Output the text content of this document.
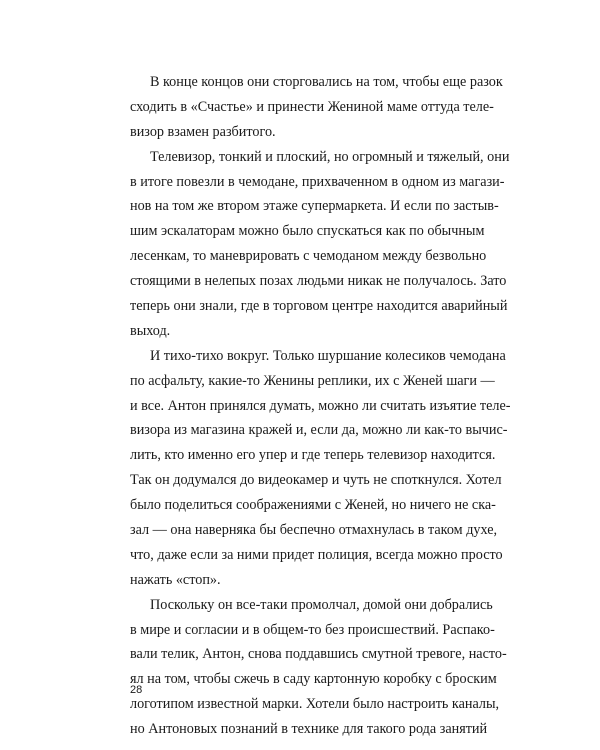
В конце концов они сторговались на том, чтобы еще разок
сходить в «Счастье» и принести Жениной маме оттуда теле-
визор взамен разбитого.
Телевизор, тонкий и плоский, но огромный и тяжелый, они
в итоге повезли в чемодане, прихваченном в одном из магази-
нов на том же втором этаже супермаркета. И если по застыв-
шим эскалаторам можно было спускаться как по обычным
лесенкам, то маневрировать с чемоданом между безвольно
стоящими в нелепых позах людьми никак не получалось. Зато
теперь они знали, где в торговом центре находится аварийный
выход.
И тихо-тихо вокруг. Только шуршание колесиков чемодана
по асфальту, какие-то Женины реплики, их с Женей шаги —
и все. Антон принялся думать, можно ли считать изъятие теле-
визора из магазина кражей и, если да, можно ли как-то вычис-
лить, кто именно его упер и где теперь телевизор находится.
Так он додумался до видеокамер и чуть не споткнулся. Хотел
было поделиться соображениями с Женей, но ничего не ска-
зал — она наверняка бы беспечно отмахнулась в таком духе,
что, даже если за ними придет полиция, всегда можно просто
нажать «стоп».
Поскольку он все-таки промолчал, домой они добрались
в мире и согласии и в общем-то без происшествий. Распако-
вали телик, Антон, снова поддавшись смутной тревоге, насто-
ял на том, чтобы сжечь в саду картонную коробку с броским
логотипом известной марки. Хотели было настроить каналы,
но Антоновых познаний в технике для такого рода занятий
28
